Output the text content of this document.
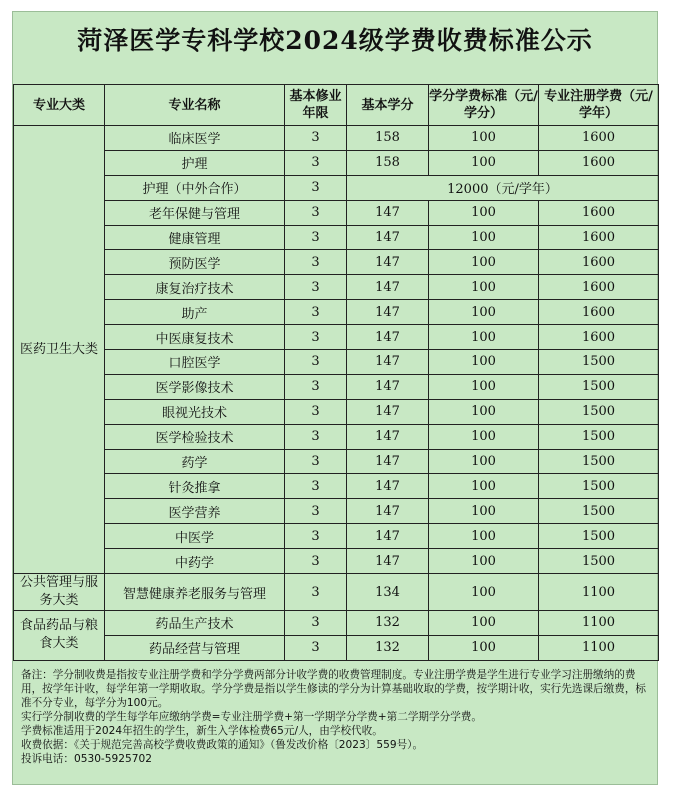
菏泽医学专科学校2024级学费收费标准公示
专业大类	专业名称	基本修业年限	基本学分	学分学费标准（元/学分）	专业注册学费（元/学年）
医药卫生大类	临床医学	3	158	100	1600
	护理	3	158	100	1600
	护理（中外合作）	3	12000（元/学年）		
	老年保健与管理	3	147	100	1600
	健康管理	3	147	100	1600
	预防医学	3	147	100	1600
	康复治疗技术	3	147	100	1600
	助产	3	147	100	1600
	中医康复技术	3	147	100	1600
	口腔医学	3	147	100	1500
	医学影像技术	3	147	100	1500
	眼视光技术	3	147	100	1500
	医学检验技术	3	147	100	1500
	药学	3	147	100	1500
	针灸推拿	3	147	100	1500
	医学营养	3	147	100	1500
	中医学	3	147	100	1500
	中药学	3	147	100	1500
公共管理与服务大类	智慧健康养老服务与管理	3	134	100	1100
食品药品与粮食大类	药品生产技术	3	132	100	1100
	药品经营与管理	3	132	100	1100

备注：学分制收费是指按专业注册学费和学分学费两部分计收学费的收费管理制度。专业注册学费是学生进行专业学习注册缴纳的费用，按学年计收，每学年第一学期收取。学分学费是指以学生修读的学分为计算基础收取的学费，按学期计收，实行先选课后缴费，标准不分专业，每学分为100元。

实行学分制收费的学生每学年应缴纳学费=专业注册学费+第一学期学分学费+第二学期学分学费。

学费标准适用于2024年招生的学生，新生入学体检费65元/人，由学校代收。

收费依据：《关于规范完善高校学费收费政策的通知》（鲁发改价格〔2023〕559号）。

投诉电话：0530-5925702
